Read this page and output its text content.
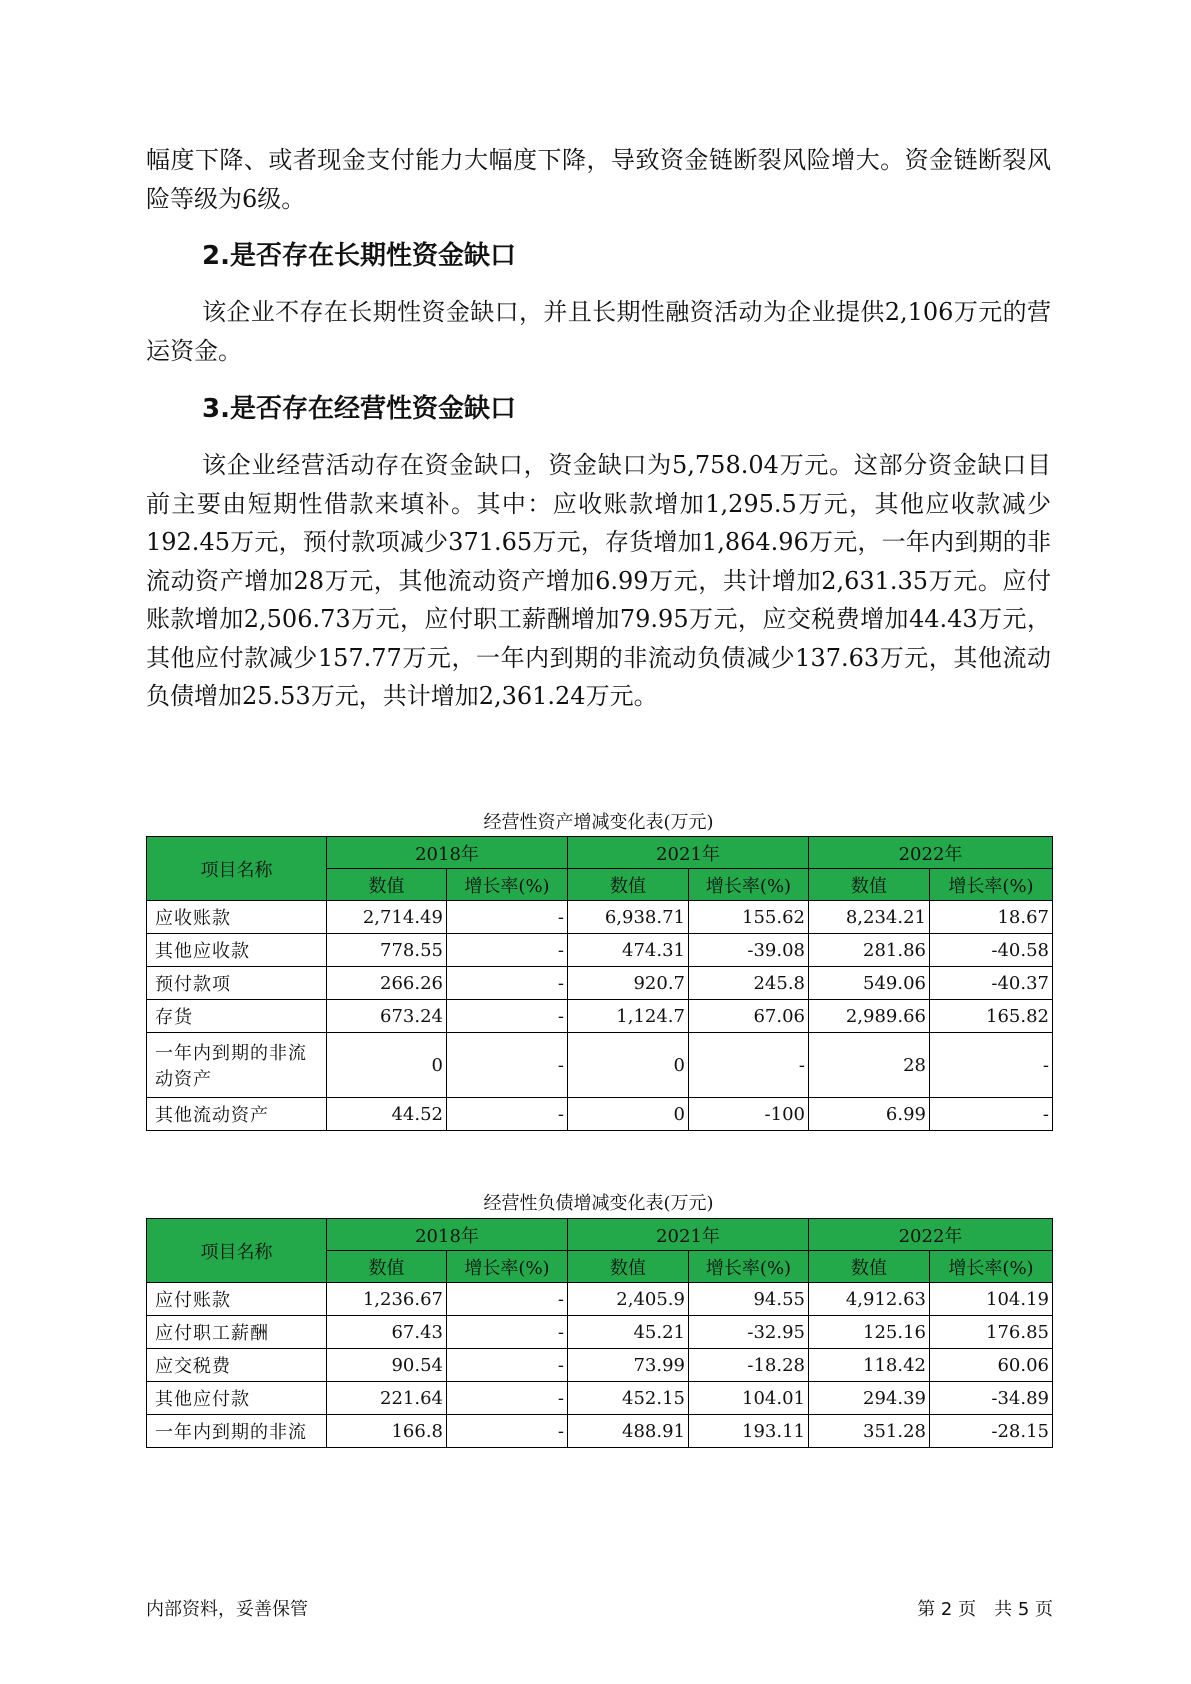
幅度下降、或者现金支付能力大幅度下降，导致资金链断裂风险增大。资金链断裂风险等级为6级。

2.是否存在长期性资金缺口

该企业不存在长期性资金缺口，并且长期性融资活动为企业提供2,106万元的营运资金。

3.是否存在经营性资金缺口

该企业经营活动存在资金缺口，资金缺口为5,758.04万元。这部分资金缺口目前主要由短期性借款来填补。其中：应收账款增加1,295.5万元，其他应收款减少192.45万元，预付款项减少371.65万元，存货增加1,864.96万元，一年内到期的非流动资产增加28万元，其他流动资产增加6.99万元，共计增加2,631.35万元。应付账款增加2,506.73万元，应付职工薪酬增加79.95万元，应交税费增加44.43万元，其他应付款减少157.77万元，一年内到期的非流动负债减少137.63万元，其他流动负债增加25.53万元，共计增加2,361.24万元。

经营性资产增减变化表(万元)
项目名称	2018年		2021年		2022年	
	数值	增长率(%)	数值	增长率(%)	数值	增长率(%)
应收账款	2,714.49	-	6,938.71	155.62	8,234.21	18.67
其他应收款	778.55	-	474.31	-39.08	281.86	-40.58
预付款项	266.26	-	920.7	245.8	549.06	-40.37
存货	673.24	-	1,124.7	67.06	2,989.66	165.82
一年内到期的非流动资产	0	-	0	-	28	-
其他流动资产	44.52	-	0	-100	6.99	-
经营性负债增减变化表(万元)
项目名称	2018年		2021年		2022年	
	数值	增长率(%)	数值	增长率(%)	数值	增长率(%)
应付账款	1,236.67	-	2,405.9	94.55	4,912.63	104.19
应付职工薪酬	67.43	-	45.21	-32.95	125.16	176.85
应交税费	90.54	-	73.99	-18.28	118.42	60.06
其他应付款	221.64	-	452.15	104.01	294.39	-34.89
一年内到期的非流	166.8	-	488.91	193.11	351.28	-28.15
内部资料，妥善保管	第 2 页　共 5 页
